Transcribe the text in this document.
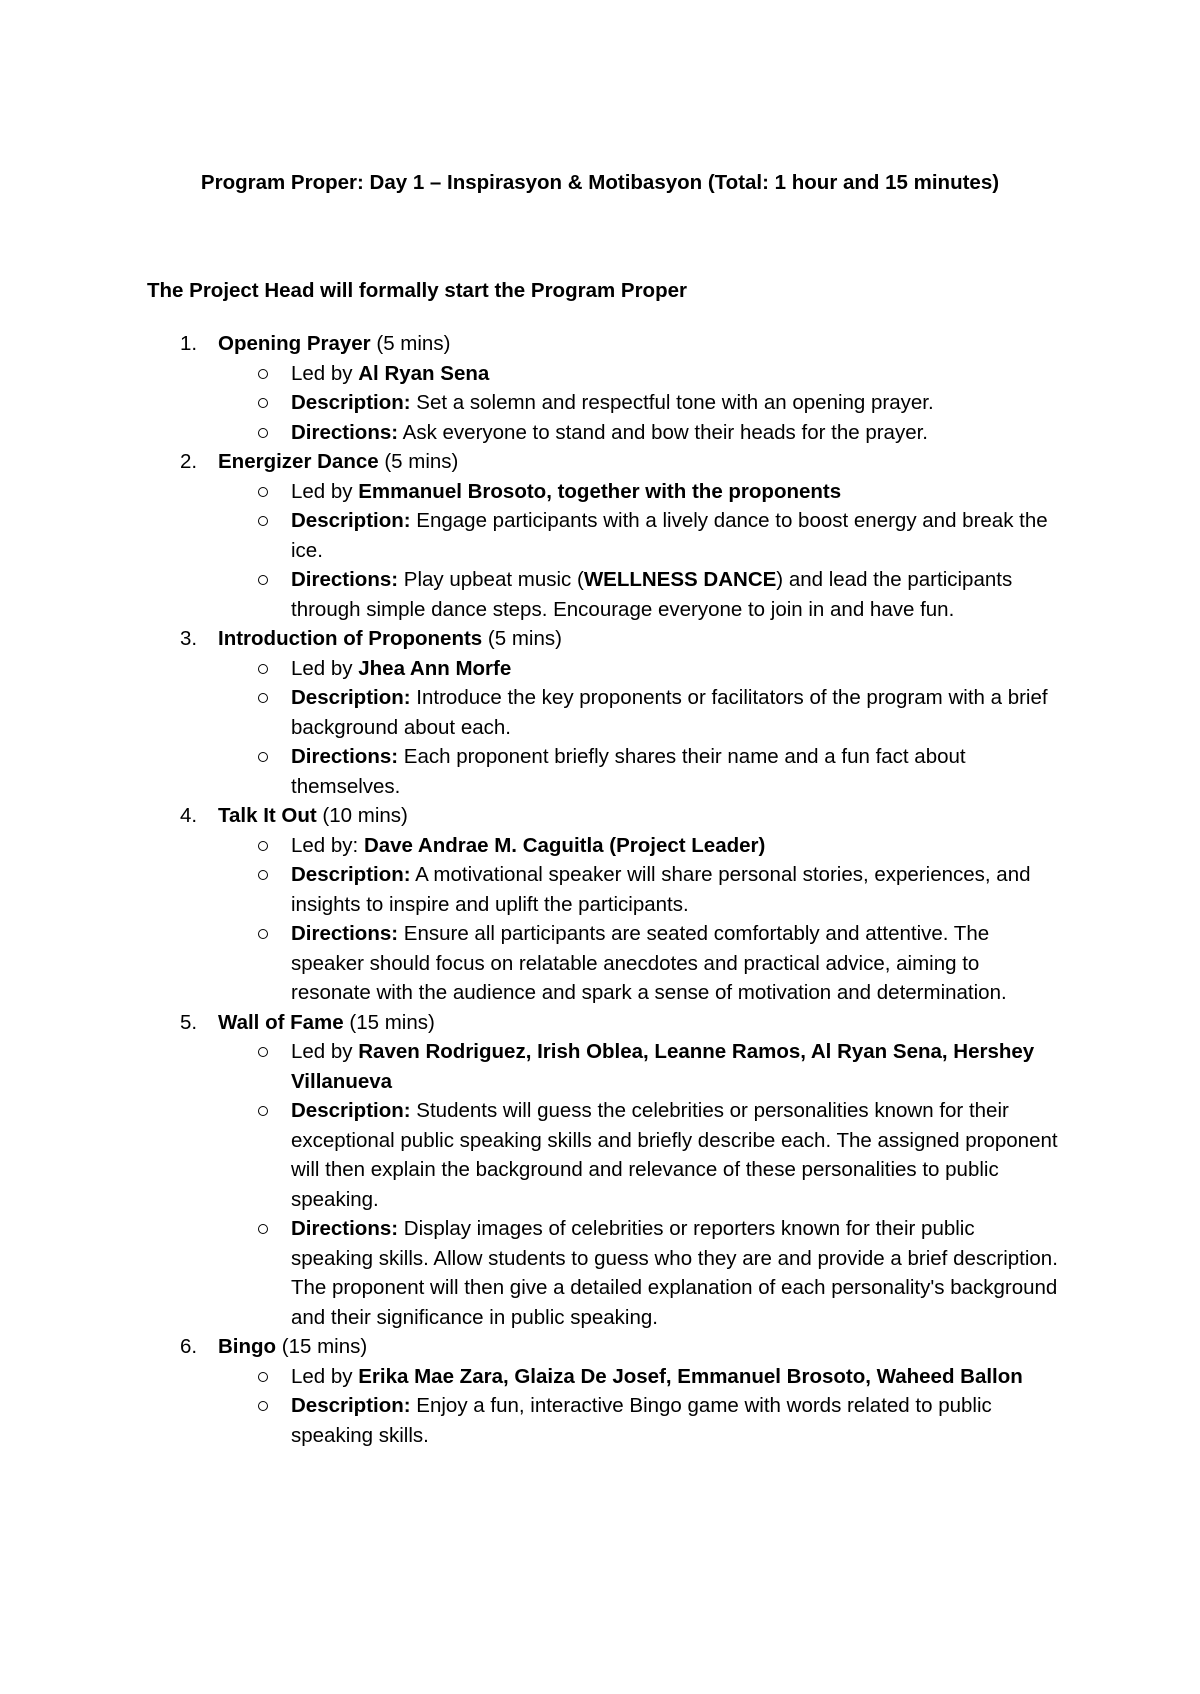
Program Proper: Day 1 – Inspirasyon & Motibasyon (Total: 1 hour and 15 minutes)

The Project Head will formally start the Program Proper

1. Opening Prayer (5 mins)
Led by Al Ryan Sena
Description: Set a solemn and respectful tone with an opening prayer.
Directions: Ask everyone to stand and bow their heads for the prayer.
2. Energizer Dance (5 mins)
Led by Emmanuel Brosoto, together with the proponents
Description: Engage participants with a lively dance to boost energy and break the ice.
Directions: Play upbeat music (WELLNESS DANCE) and lead the participants through simple dance steps. Encourage everyone to join in and have fun.
3. Introduction of Proponents (5 mins)
Led by Jhea Ann Morfe
Description: Introduce the key proponents or facilitators of the program with a brief background about each.
Directions: Each proponent briefly shares their name and a fun fact about themselves.
4. Talk It Out (10 mins)
Led by: Dave Andrae M. Caguitla (Project Leader)
Description: A motivational speaker will share personal stories, experiences, and insights to inspire and uplift the participants.
Directions: Ensure all participants are seated comfortably and attentive. The speaker should focus on relatable anecdotes and practical advice, aiming to resonate with the audience and spark a sense of motivation and determination.
5. Wall of Fame (15 mins)
Led by Raven Rodriguez, Irish Oblea, Leanne Ramos, Al Ryan Sena, Hershey Villanueva
Description: Students will guess the celebrities or personalities known for their exceptional public speaking skills and briefly describe each. The assigned proponent will then explain the background and relevance of these personalities to public speaking.
Directions: Display images of celebrities or reporters known for their public speaking skills. Allow students to guess who they are and provide a brief description. The proponent will then give a detailed explanation of each personality's background and their significance in public speaking.
6. Bingo (15 mins)
Led by Erika Mae Zara, Glaiza De Josef, Emmanuel Brosoto, Waheed Ballon
Description: Enjoy a fun, interactive Bingo game with words related to public speaking skills.
